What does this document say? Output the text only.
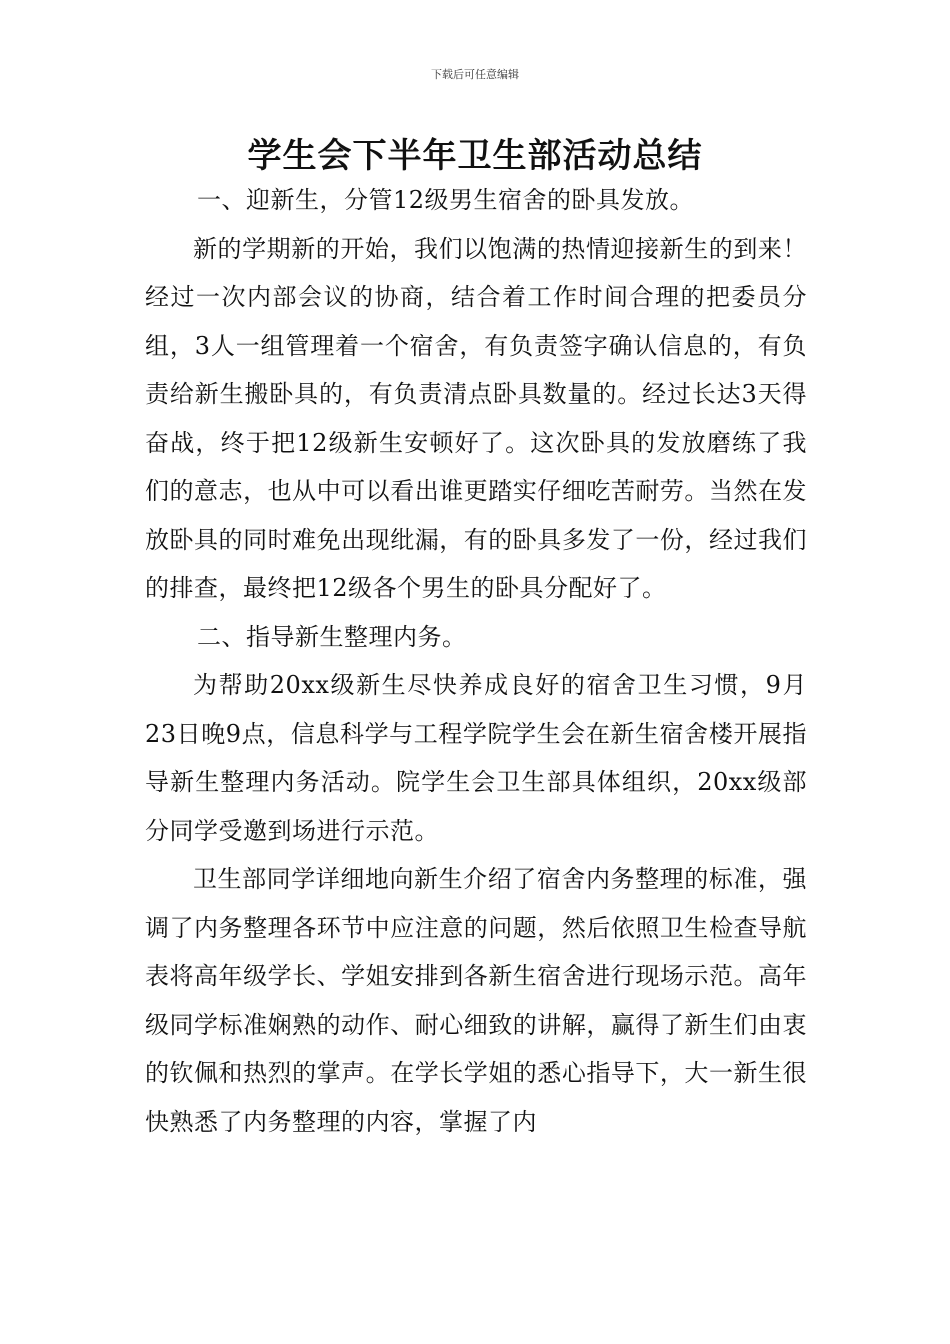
下载后可任意编辑
学生会下半年卫生部活动总结

一、迎新生，分管12级男生宿舍的卧具发放。

新的学期新的开始，我们以饱满的热情迎接新生的到来！经过一次内部会议的协商，结合着工作时间合理的把委员分组，3人一组管理着一个宿舍，有负责签字确认信息的，有负责给新生搬卧具的，有负责清点卧具数量的。经过长达3天得奋战，终于把12级新生安顿好了。这次卧具的发放磨练了我们的意志，也从中可以看出谁更踏实仔细吃苦耐劳。当然在发放卧具的同时难免出现纰漏，有的卧具多发了一份，经过我们的排查，最终把12级各个男生的卧具分配好了。

二、指导新生整理内务。

为帮助20xx级新生尽快养成良好的宿舍卫生习惯，9月23日晚9点，信息科学与工程学院学生会在新生宿舍楼开展指导新生整理内务活动。院学生会卫生部具体组织，20xx级部分同学受邀到场进行示范。

卫生部同学详细地向新生介绍了宿舍内务整理的标准，强调了内务整理各环节中应注意的问题，然后依照卫生检查导航表将高年级学长、学姐安排到各新生宿舍进行现场示范。高年级同学标准娴熟的动作、耐心细致的讲解，赢得了新生们由衷的钦佩和热烈的掌声。在学长学姐的悉心指导下，大一新生很快熟悉了内务整理的内容，掌握了内
